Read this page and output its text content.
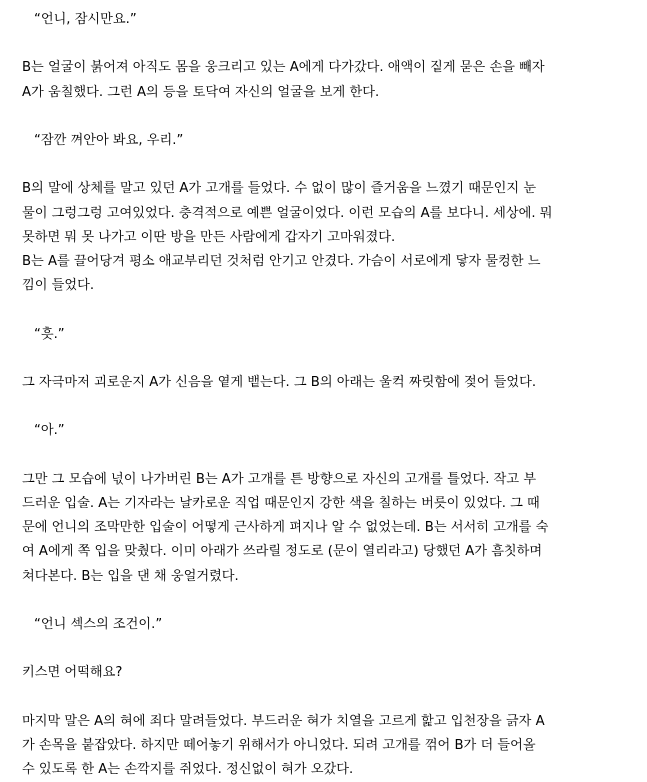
“언니, 잠시만요.”

B는 얼굴이 붉어져 아직도 몸을 웅크리고 있는 A에게 다가갔다. 애액이 짙게 묻은 손을 빼자
A가 움칠했다. 그런 A의 등을 토닥여 자신의 얼굴을 보게 한다.

“잠깐 껴안아 봐요, 우리.”

B의 말에 상체를 말고 있던 A가 고개를 들었다. 수 없이 많이 즐거움을 느꼈기 때문인지 눈
물이 그렁그렁 고여있었다. 충격적으로 예쁜 얼굴이었다. 이런 모습의 A를 보다니. 세상에. 뭐
못하면 뭐 못 나가고 이딴 방을 만든 사람에게 갑자기 고마워졌다.
B는 A를 끌어당겨 평소 애교부리던 것처럼 안기고 안겼다. 가슴이 서로에게 닿자 물컹한 느
낌이 들었다.

“흣.”

그 자극마저 괴로운지 A가 신음을 옅게 뱉는다. 그 B의 아래는 울컥 짜릿함에 젖어 들었다.

“아.”

그만 그 모습에 넋이 나가버린 B는 A가 고개를 튼 방향으로 자신의 고개를 틀었다. 작고 부
드러운 입술. A는 기자라는 날카로운 직업 때문인지 강한 색을 칠하는 버릇이 있었다. 그 때
문에 언니의 조막만한 입술이 어떻게 근사하게 펴지나 알 수 없었는데. B는 서서히 고개를 숙
여 A에게 쪽 입을 맞췄다. 이미 아래가 쓰라릴 정도로 (문이 열리라고) 당했던 A가 흠칫하며
쳐다본다. B는 입을 댄 채 웅얼거렸다.

“언니 섹스의 조건이.”

키스면 어떡해요?

마지막 말은 A의 혀에 죄다 말려들었다. 부드러운 혀가 치열을 고르게 핥고 입천장을 긁자 A
가 손목을 붙잡았다. 하지만 떼어놓기 위해서가 아니었다. 되려 고개를 꺾어 B가 더 들어올
수 있도록 한 A는 손깍지를 쥐었다. 정신없이 혀가 오갔다.
